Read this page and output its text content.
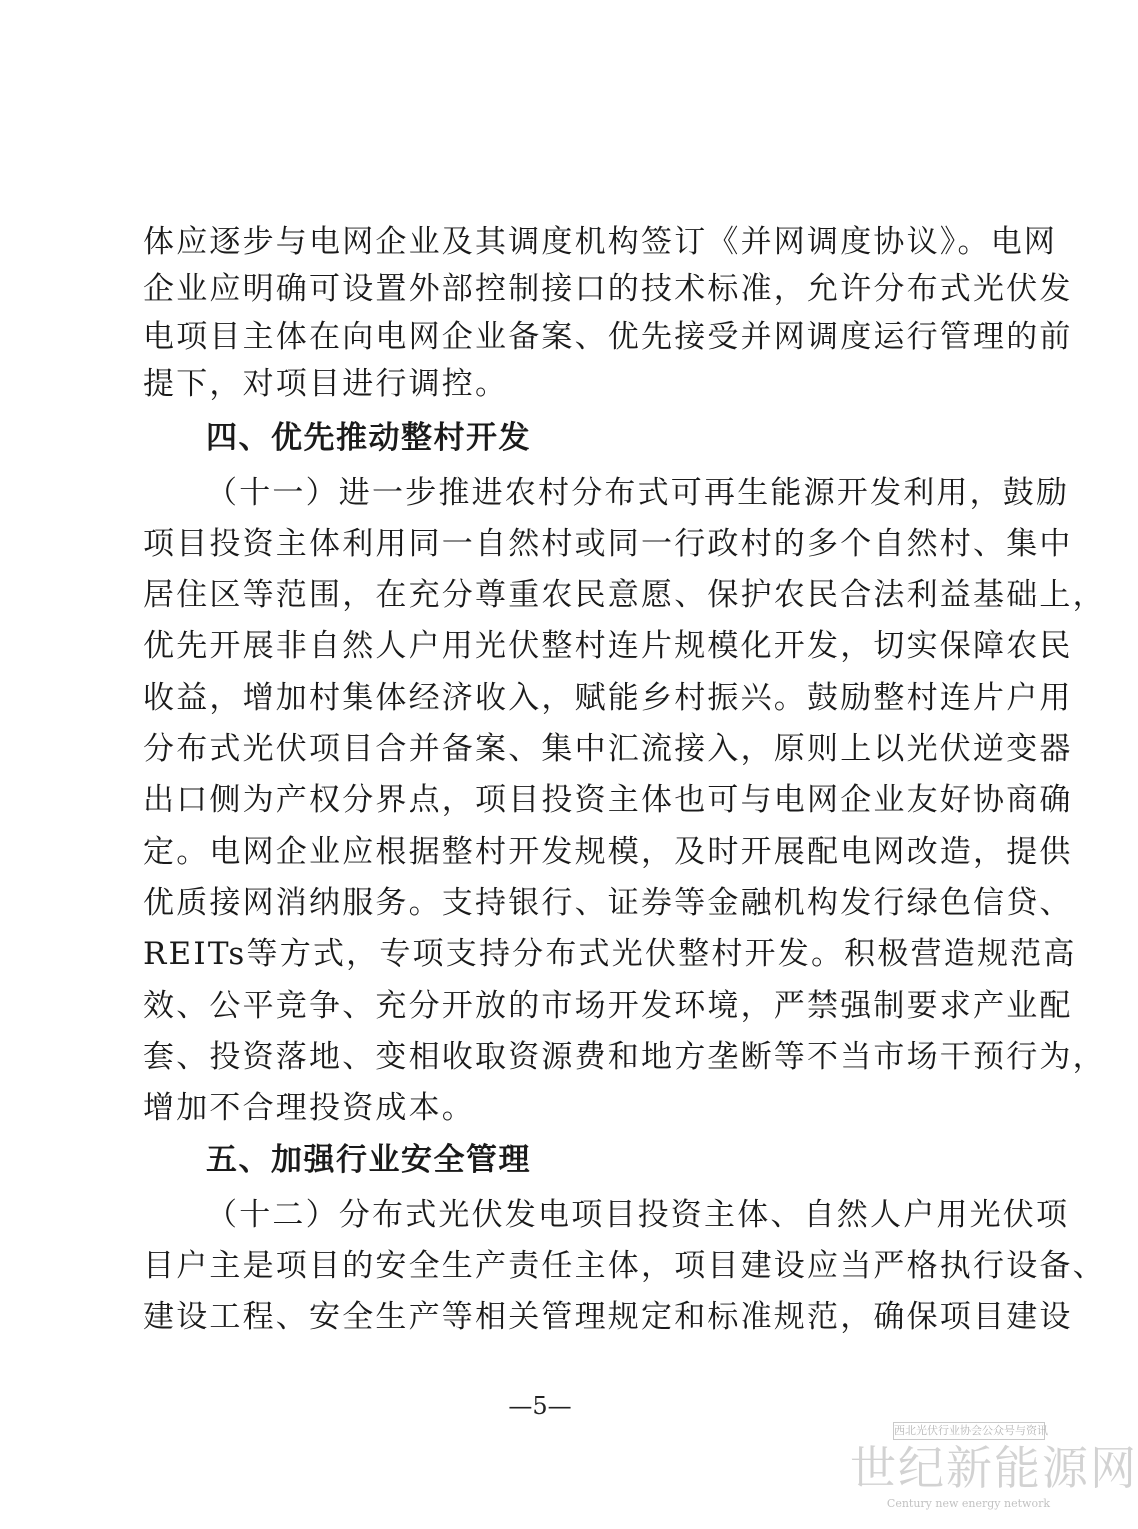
体应逐步与电网企业及其调度机构签订《并网调度协议》。电网
企业应明确可设置外部控制接口的技术标准，允许分布式光伏发
电项目主体在向电网企业备案、优先接受并网调度运行管理的前
提下，对项目进行调控。
四、优先推动整村开发
（十一）进一步推进农村分布式可再生能源开发利用，鼓励
项目投资主体利用同一自然村或同一行政村的多个自然村、集中
居住区等范围，在充分尊重农民意愿、保护农民合法利益基础上，
优先开展非自然人户用光伏整村连片规模化开发，切实保障农民
收益，增加村集体经济收入，赋能乡村振兴。鼓励整村连片户用
分布式光伏项目合并备案、集中汇流接入，原则上以光伏逆变器
出口侧为产权分界点，项目投资主体也可与电网企业友好协商确
定。电网企业应根据整村开发规模，及时开展配电网改造，提供
优质接网消纳服务。支持银行、证券等金融机构发行绿色信贷、
REITs等方式，专项支持分布式光伏整村开发。积极营造规范高
效、公平竞争、充分开放的市场开发环境，严禁强制要求产业配
套、投资落地、变相收取资源费和地方垄断等不当市场干预行为，
增加不合理投资成本。
五、加强行业安全管理
（十二）分布式光伏发电项目投资主体、自然人户用光伏项
目户主是项目的安全生产责任主体，项目建设应当严格执行设备、
建设工程、安全生产等相关管理规定和标准规范，确保项目建设
—5—
西北光伏行业协会公众号与资讯
世纪新能源网
Century new energy network
